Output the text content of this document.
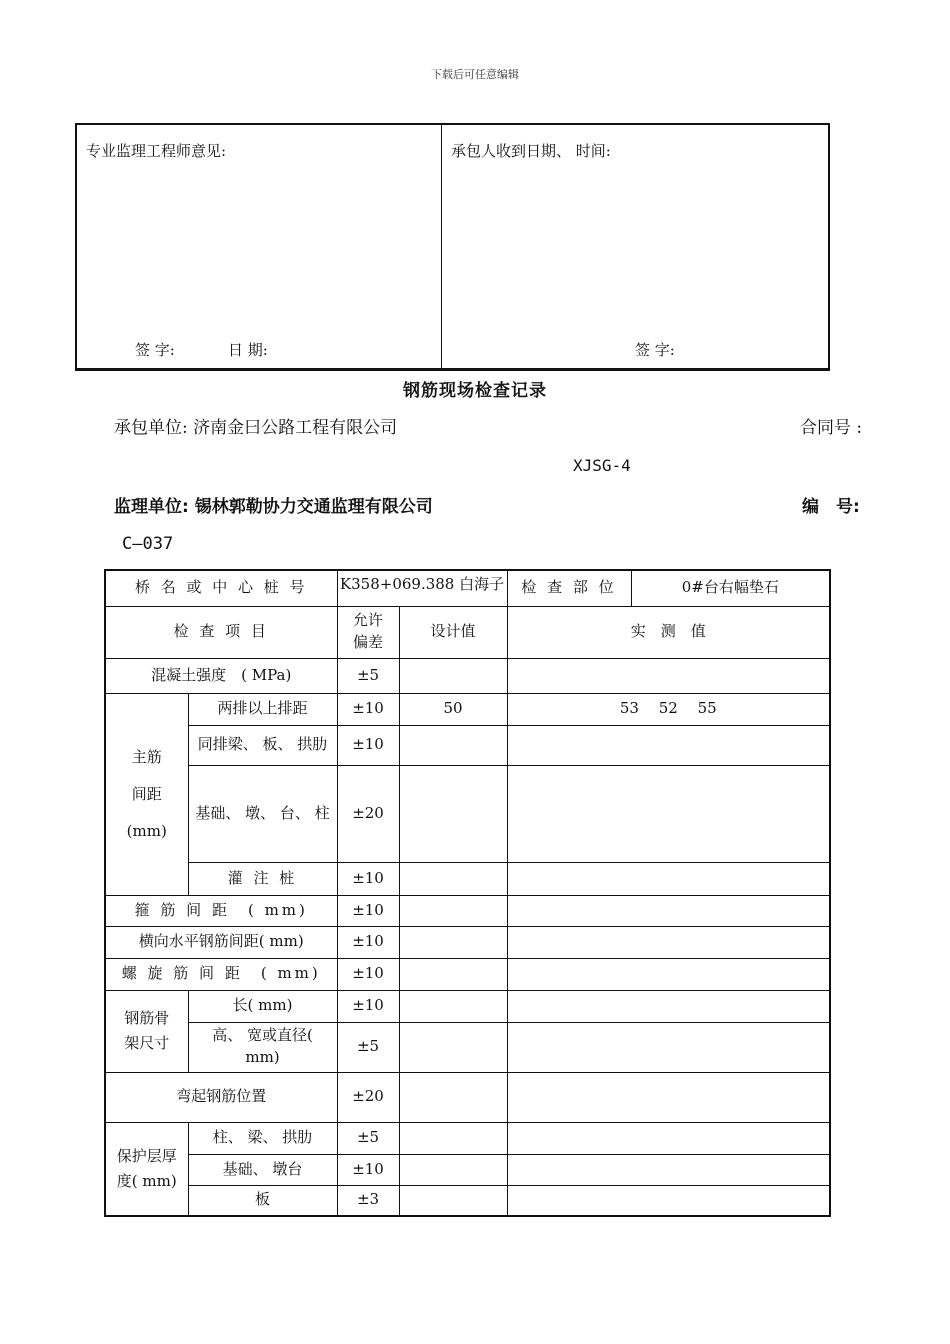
下载后可任意编辑
专业监理工程师意见:	承包人收到日期、 时间:
签 字:	日 期:	签 字:
钢筋现场检查记录
承包单位: 济南金曰公路工程有限公司	合同号 :
XJSG-4
监理单位: 锡林郭勒协力交通监理有限公司	编　号:
C—037
桥 名 或 中 心 桩 号		K358+069.388 白海子		检 查 部 位	0#台右幅垫石
检 查 项 目		允许偏差	设计值	实　测　值	
混凝土强度　( MPa)		±5			

主筋
间距
(mm)	两排以上排距	±10	50	53　 52　 55	
	同排梁、 板、 拱肋	±10			
	基础、 墩、 台、 柱	±20			
	灌 注 桩	±10			
箍 筋 间 距　( mm)		±10			
横向水平钢筋间距( mm)		±10			
螺 旋 筋 间 距　( mm)		±10			

钢筋骨
架尺寸	长( mm)	±10			
	高、 宽或直径( mm)	±5			
弯起钢筋位置		±20			

保护层厚
度( mm)	柱、 梁、 拱肋	±5			
	基础、 墩台	±10			
	板	±3			
